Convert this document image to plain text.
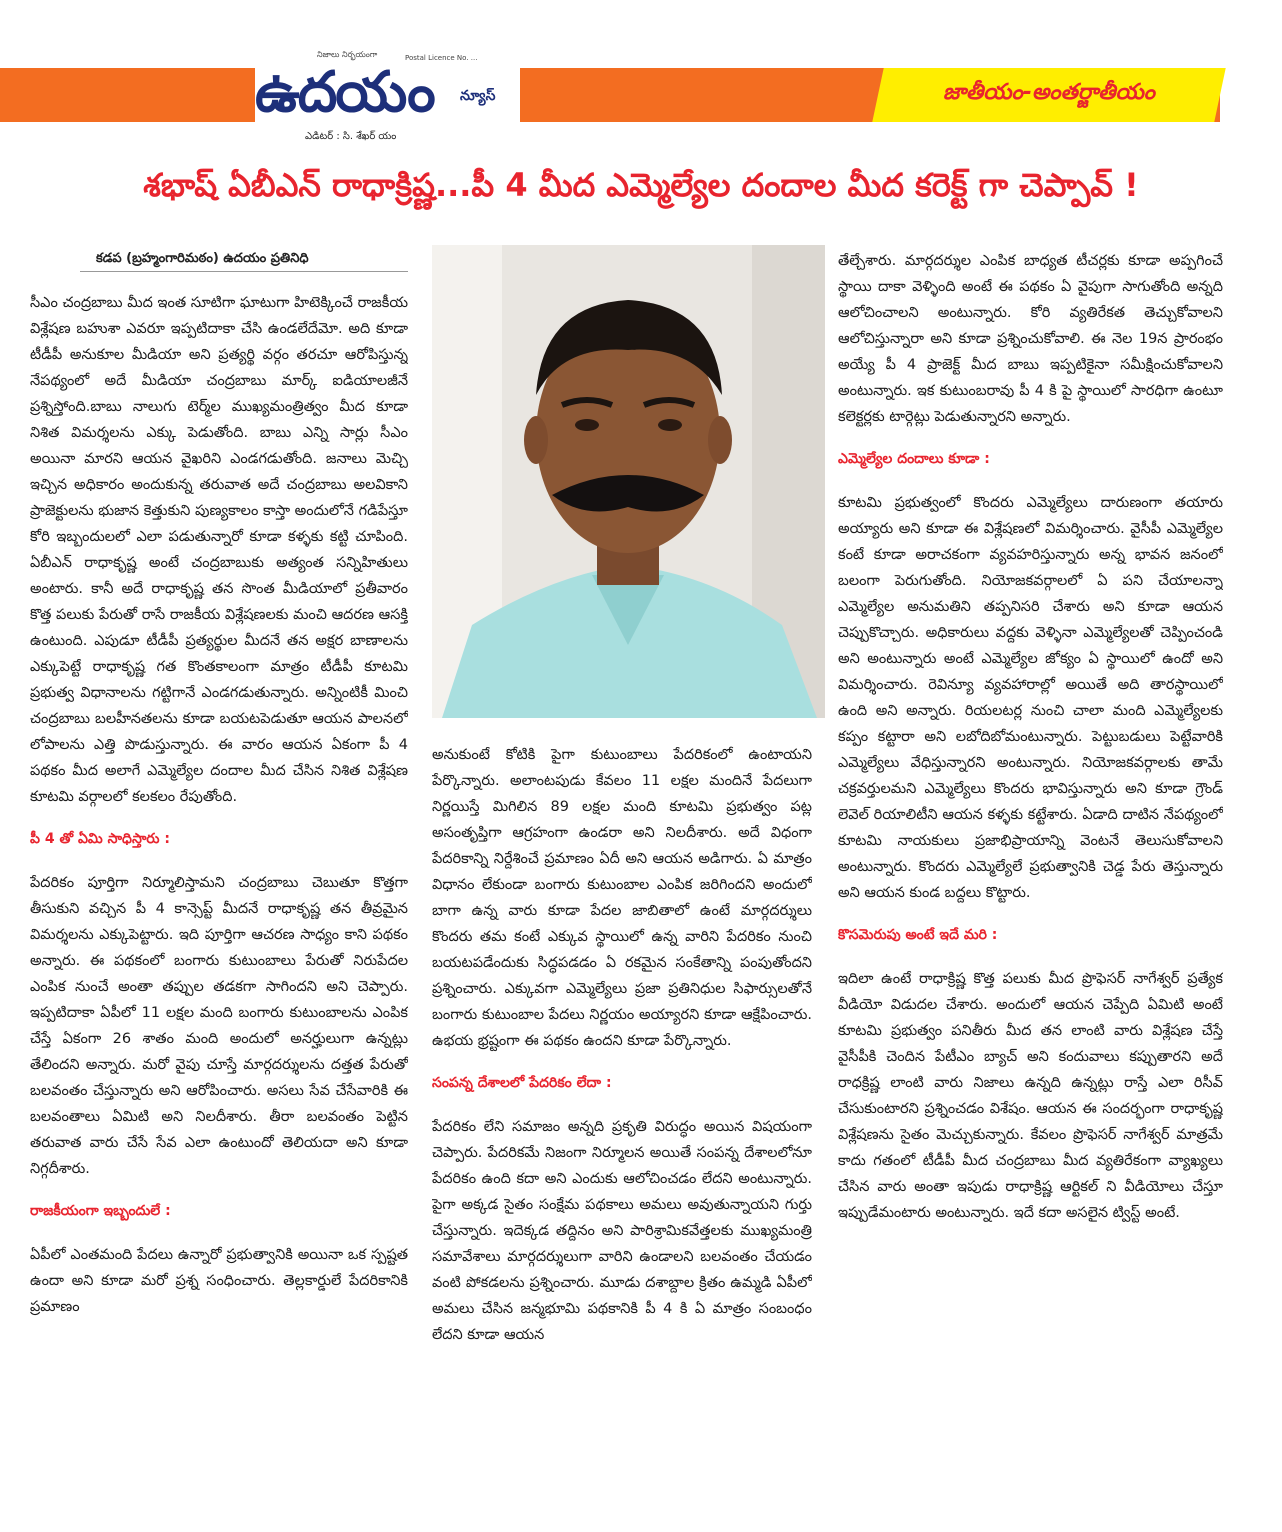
నిజాలు నిర్భయంగా	Postal Licence No. ...
ఉదయం	న్యూస్
ఎడిటర్ : సి. శేఖర్ యం
జాతీయం-అంతర్జాతీయం
శభాష్ ఏబీఎన్ రాధాక్రిష్ణ...పీ 4 మీద ఎమ్మెల్యేల దందాల మీద కరెక్ట్ గా చెప్పావ్ !
కడప (బ్రహ్మంగారిమఠం) ఉదయం ప్రతినిధి

సీఎం చంద్రబాబు మీద ఇంత సూటిగా ఘాటుగా హిటెక్కించే రాజకీయ విశ్లేషణ బహుశా ఎవరూ ఇప్పటిదాకా చేసి ఉండలేదేమో. అది కూడా టీడీపీ అనుకూల మీడియా అని ప్రత్యర్థి వర్గం తరచూ ఆరోపిస్తున్న నేపథ్యంలో అదే మీడియా చంద్రబాబు మార్క్ ఐడియాలజీనే ప్రశ్నిస్తోంది.బాబు నాలుగు టెర్మ్‌ల ముఖ్యమంత్రిత్వం మీద కూడా నిశిత విమర్శలను ఎక్కు పెడుతోంది. బాబు ఎన్ని సార్లు సీఎం అయినా మారని ఆయన వైఖరిని ఎండగడుతోంది. జనాలు మెచ్చి ఇచ్చిన అధికారం అందుకున్న తరువాత అదే చంద్రబాబు అలవికాని ప్రాజెక్టులను భుజాన కెత్తుకుని పుణ్యకాలం కాస్తా అందులోనే గడిపేస్తూ కోరి ఇబ్బందులలో ఎలా పడుతున్నారో కూడా కళ్ళకు కట్టి చూపింది. ఏబీఎన్ రాధాకృష్ణ అంటే చంద్రబాబుకు అత్యంత సన్నిహితులు అంటారు. కానీ అదే రాధాకృష్ణ తన సొంత మీడియాలో ప్రతీవారం కొత్త పలుకు పేరుతో రాసే రాజకీయ విశ్లేషణలకు మంచి ఆదరణ ఆసక్తి ఉంటుంది. ఎపుడూ టీడీపీ ప్రత్యర్థుల మీదనే తన అక్షర బాణాలను ఎక్కుపెట్టే రాధాకృష్ణ గత కొంతకాలంగా మాత్రం టీడీపీ కూటమి ప్రభుత్వ విధానాలను గట్టిగానే ఎండగడుతున్నారు. అన్నింటికీ మించి చంద్రబాబు బలహీనతలను కూడా బయటపెడుతూ ఆయన పాలనలో లోపాలను ఎత్తి పొడుస్తున్నారు. ఈ వారం ఆయన ఏకంగా పీ 4 పథకం మీద అలాగే ఎమ్మెల్యేల దందాల మీద చేసిన నిశిత విశ్లేషణ కూటమి వర్గాలలో కలకలం రేపుతోంది.

పీ 4 తో ఏమి సాధిస్తారు :

పేదరికం పూర్తిగా నిర్మూలిస్తామని చంద్రబాబు చెబుతూ కొత్తగా తీసుకుని వచ్చిన పీ 4 కాన్సెప్ట్ మీదనే రాధాకృష్ణ తన తీవ్రమైన విమర్శలను ఎక్కుపెట్టారు. ఇది పూర్తిగా ఆచరణ సాధ్యం కాని పథకం అన్నారు. ఈ పథకంలో బంగారు కుటుంబాలు పేరుతో నిరుపేదల ఎంపిక నుంచే అంతా తప్పుల తడకగా సాగిందని అని చెప్పారు. ఇప్పటిదాకా ఏపీలో 11 లక్షల మంది బంగారు కుటుంబాలను ఎంపిక చేస్తే ఏకంగా 26 శాతం మంది అందులో అనర్హులుగా ఉన్నట్లు తేలిందని అన్నారు. మరో వైపు చూస్తే మార్గదర్శులను దత్తత పేరుతో బలవంతం చేస్తున్నారు అని ఆరోపించారు. అసలు సేవ చేసేవారికి ఈ బలవంతాలు ఏమిటి అని నిలదీశారు. తీరా బలవంతం పెట్టిన తరువాత వారు చేసే సేవ ఎలా ఉంటుందో తెలియదా అని కూడా నిగ్గదీశారు.

రాజకీయంగా ఇబ్బందులే :

ఏపీలో ఎంతమంది పేదలు ఉన్నారో ప్రభుత్వానికి అయినా ఒక స్పష్టత ఉందా అని కూడా మరో ప్రశ్న సంధించారు. తెల్లకార్డులే పేదరికానికి ప్రమాణం

అనుకుంటే కోటికి పైగా కుటుంబాలు పేదరికంలో ఉంటాయని పేర్కొన్నారు. అలాంటపుడు కేవలం 11 లక్షల మందినే పేదలుగా నిర్ణయిస్తే మిగిలిన 89 లక్షల మంది కూటమి ప్రభుత్వం పట్ల అసంతృప్తిగా ఆగ్రహంగా ఉండరా అని నిలదీశారు. అదే విధంగా పేదరికాన్ని నిర్దేశించే ప్రమాణం ఏదీ అని ఆయన అడిగారు. ఏ మాత్రం విధానం లేకుండా బంగారు కుటుంబాల ఎంపిక జరిగిందని అందులో బాగా ఉన్న వారు కూడా పేదల జాబితాలో ఉంటే మార్గదర్శులు కొందరు తమ కంటే ఎక్కువ స్థాయిలో ఉన్న వారిని పేదరికం నుంచి బయటపడేందుకు సిద్ధపడడం ఏ రకమైన సంకేతాన్ని పంపుతోందని ప్రశ్నించారు. ఎక్కువగా ఎమ్మెల్యేలు ప్రజా ప్రతినిధుల సిఫార్సులతోనే బంగారు కుటుంబాల పేదలు నిర్ణయం అయ్యారని కూడా ఆక్షేపించారు. ఉభయ భ్రష్టంగా ఈ పథకం ఉందని కూడా పేర్కొన్నారు.

సంపన్న దేశాలలో పేదరికం లేదా :

పేదరికం లేని సమాజం అన్నది ప్రకృతి విరుద్ధం అయిన విషయంగా చెప్పారు. పేదరికమే నిజంగా నిర్మూలన అయితే సంపన్న దేశాలలోనూ పేదరికం ఉంది కదా అని ఎందుకు ఆలోచించడం లేదని అంటున్నారు. పైగా అక్కడ సైతం సంక్షేమ పథకాలు అమలు అవుతున్నాయని గుర్తు చేస్తున్నారు. ఇదెక్కడ తద్దినం అని పారిశ్రామికవేత్తలకు ముఖ్యమంత్రి సమావేశాలు మార్గదర్శులుగా వారిని ఉండాలని బలవంతం చేయడం వంటి పోకడలను ప్రశ్నించారు. మూడు దశాబ్దాల క్రితం ఉమ్మడి ఏపీలో అమలు చేసిన జన్మభూమి పథకానికి పీ 4 కి ఏ మాత్రం సంబంధం లేదని కూడా ఆయన

తేల్చేశారు. మార్గదర్శుల ఎంపిక బాధ్యత టీచర్లకు కూడా అప్పగించే స్థాయి దాకా వెళ్ళింది అంటే ఈ పథకం ఏ వైపుగా సాగుతోంది అన్నది ఆలోచించాలని అంటున్నారు. కోరి వ్యతిరేకత తెచ్చుకోవాలని ఆలోచిస్తున్నారా అని కూడా ప్రశ్నించుకోవాలి. ఈ నెల 19న ప్రారంభం అయ్యే పీ 4 ప్రాజెక్ట్ మీద బాబు ఇప్పటికైనా సమీక్షించుకోవాలని అంటున్నారు. ఇక కుటుంబరావు పీ 4 కి పై స్థాయిలో సారధిగా ఉంటూ కలెక్టర్లకు టార్గెట్లు పెడుతున్నారని అన్నారు.

ఎమ్మెల్యేల దందాలు కూడా :

కూటమి ప్రభుత్వంలో కొందరు ఎమ్మెల్యేలు దారుణంగా తయారు అయ్యారు అని కూడా ఈ విశ్లేషణలో విమర్శించారు. వైసీపీ ఎమ్మెల్యేల కంటే కూడా అరాచకంగా వ్యవహరిస్తున్నారు అన్న భావన జనంలో బలంగా పెరుగుతోంది. నియోజకవర్గాలలో ఏ పని చేయాలన్నా ఎమ్మెల్యేల అనుమతిని తప్పనిసరి చేశారు అని కూడా ఆయన చెప్పుకొచ్చారు. అధికారులు వద్దకు వెళ్ళినా ఎమ్మెల్యేలతో చెప్పించండి అని అంటున్నారు అంటే ఎమ్మెల్యేల జోక్యం ఏ స్థాయిలో ఉందో అని విమర్శించారు. రెవిన్యూ వ్యవహారాల్లో అయితే అది తారస్థాయిలో ఉంది అని అన్నారు. రియలటర్ల నుంచి చాలా మంది ఎమ్మెల్యేలకు కప్పం కట్టారా అని లబోదిబోమంటున్నారు. పెట్టుబడులు పెట్టేవారికి ఎమ్మెల్యేలు వేధిస్తున్నారని అంటున్నారు. నియోజకవర్గాలకు తామే చక్రవర్తులమని ఎమ్మెల్యేలు కొందరు భావిస్తున్నారు అని కూడా గ్రౌండ్ లెవెల్ రియాలిటీని ఆయన కళ్ళకు కట్టేశారు. ఏడాది దాటిన నేపథ్యంలో కూటమి నాయకులు ప్రజాభిప్రాయాన్ని వెంటనే తెలుసుకోవాలని అంటున్నారు. కొందరు ఎమ్మెల్యేలే ప్రభుత్వానికి చెడ్డ పేరు తెస్తున్నారు అని ఆయన కుండ బద్దలు కొట్టారు.

కొసమెరుపు అంటే ఇదే మరి :

ఇదిలా ఉంటే రాధాక్రిష్ణ కొత్త పలుకు మీద ప్రొఫెసర్ నాగేశ్వర్ ప్రత్యేక వీడియో విడుదల చేశారు. అందులో ఆయన చెప్పేది ఏమిటి అంటే కూటమి ప్రభుత్వం పనితీరు మీద తన లాంటి వారు విశ్లేషణ చేస్తే వైసీపీకి చెందిన పేటీఎం బ్యాచ్ అని కందువాలు కప్పుతారని అదే రాధక్రిష్ణ లాంటి వారు నిజాలు ఉన్నది ఉన్నట్లు రాస్తే ఎలా రిసీవ్ చేసుకుంటారని ప్రశ్నించడం విశేషం. ఆయన ఈ సందర్భంగా రాధాకృష్ణ విశ్లేషణను సైతం మెచ్చుకున్నారు. కేవలం ప్రొఫెసర్ నాగేశ్వర్ మాత్రమే కాదు గతంలో టీడీపీ మీద చంద్రబాబు మీద వ్యతిరేకంగా వ్యాఖ్యలు చేసిన వారు అంతా ఇపుడు రాధాక్రిష్ణ ఆర్టికల్ ని వీడియోలు చేస్తూ ఇప్పుడేమంటారు అంటున్నారు. ఇదే కదా అసలైన ట్విస్ట్ అంటే.
